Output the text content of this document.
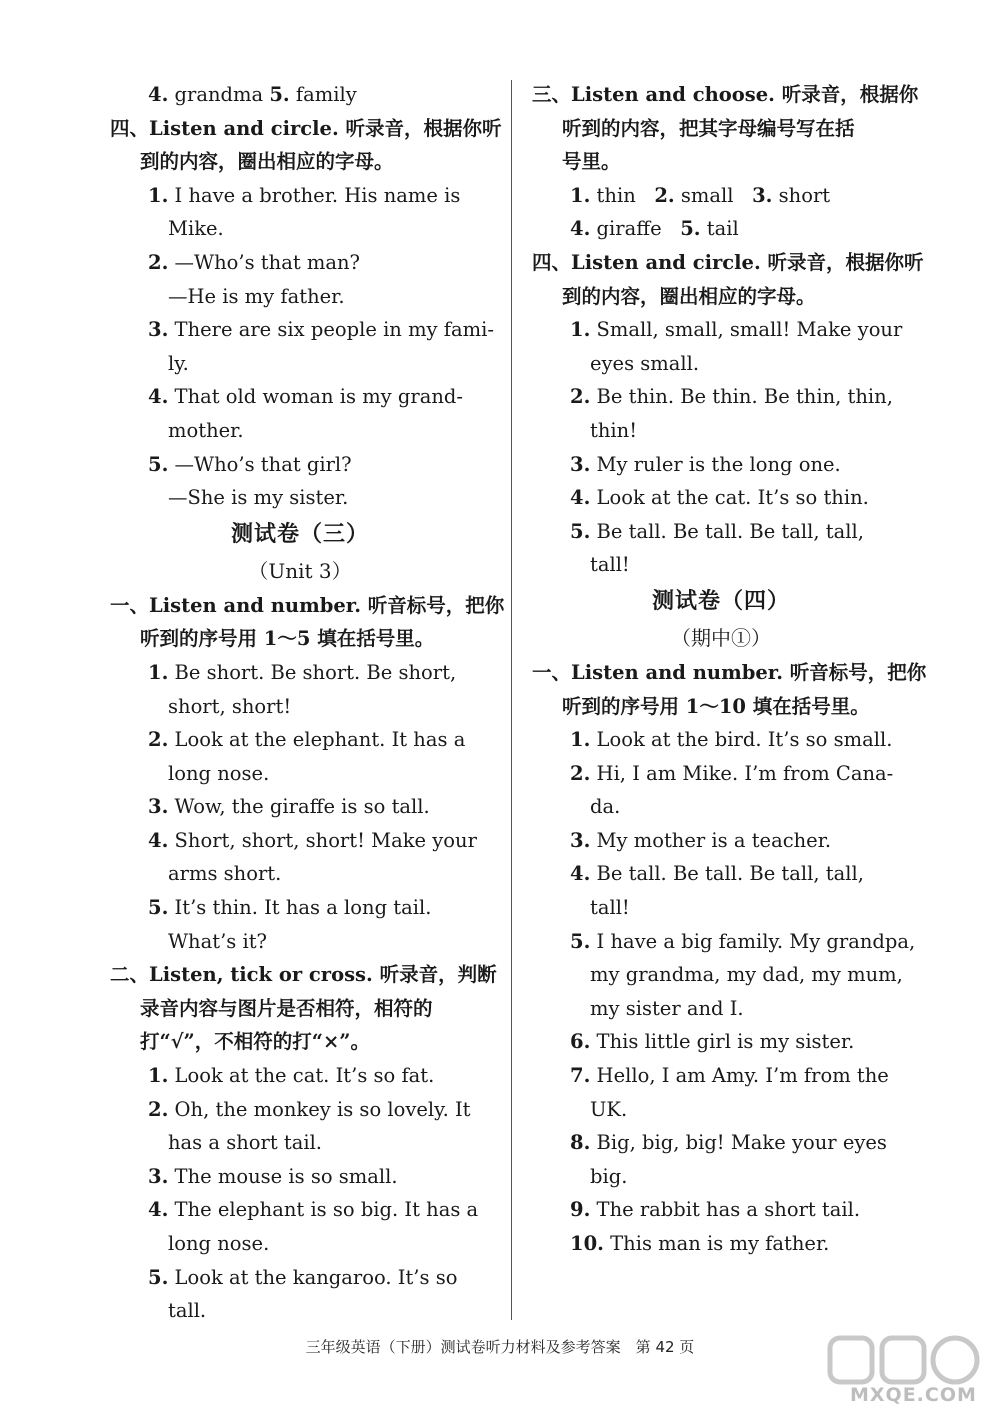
4. grandma 5. family
四、Listen and circle. 听录音，根据你听
到的内容，圈出相应的字母。
1. I have a brother. His name is
Mike.
2. —Who’s that man?
—He is my father.
3. There are six people in my fami-
ly.
4. That old woman is my grand-
mother.
5. —Who’s that girl?
—She is my sister.
测试卷（三）
（Unit 3）
一、Listen and number. 听音标号，把你
听到的序号用 1～5 填在括号里。
1. Be short. Be short. Be short,
short, short!
2. Look at the elephant. It has a
long nose.
3. Wow, the giraffe is so tall.
4. Short, short, short! Make your
arms short.
5. It’s thin. It has a long tail.
What’s it?
二、Listen, tick or cross. 听录音，判断
录音内容与图片是否相符，相符的
打“√”，不相符的打“×”。
1. Look at the cat. It’s so fat.
2. Oh, the monkey is so lovely. It
has a short tail.
3. The mouse is so small.
4. The elephant is so big. It has a
long nose.
5. Look at the kangaroo. It’s so
tall.
三、Listen and choose. 听录音，根据你
听到的内容，把其字母编号写在括
号里。
1. thin   2. small   3. short
4. giraffe   5. tail
四、Listen and circle. 听录音，根据你听
到的内容，圈出相应的字母。
1. Small, small, small! Make your
eyes small.
2. Be thin. Be thin. Be thin, thin,
thin!
3. My ruler is the long one.
4. Look at the cat. It’s so thin.
5. Be tall. Be tall. Be tall, tall,
tall!
测试卷（四）
（期中①）
一、Listen and number. 听音标号，把你
听到的序号用 1～10 填在括号里。
1. Look at the bird. It’s so small.
2. Hi, I am Mike. I’m from Cana-
da.
3. My mother is a teacher.
4. Be tall. Be tall. Be tall, tall,
tall!
5. I have a big family. My grandpa,
my grandma, my dad, my mum,
my sister and I.
6. This little girl is my sister.
7. Hello, I am Amy. I’m from the
UK.
8. Big, big, big! Make your eyes
big.
9. The rabbit has a short tail.
10. This man is my father.
三年级英语（下册）测试卷听力材料及参考答案　第 42 页
MXQE.COM
